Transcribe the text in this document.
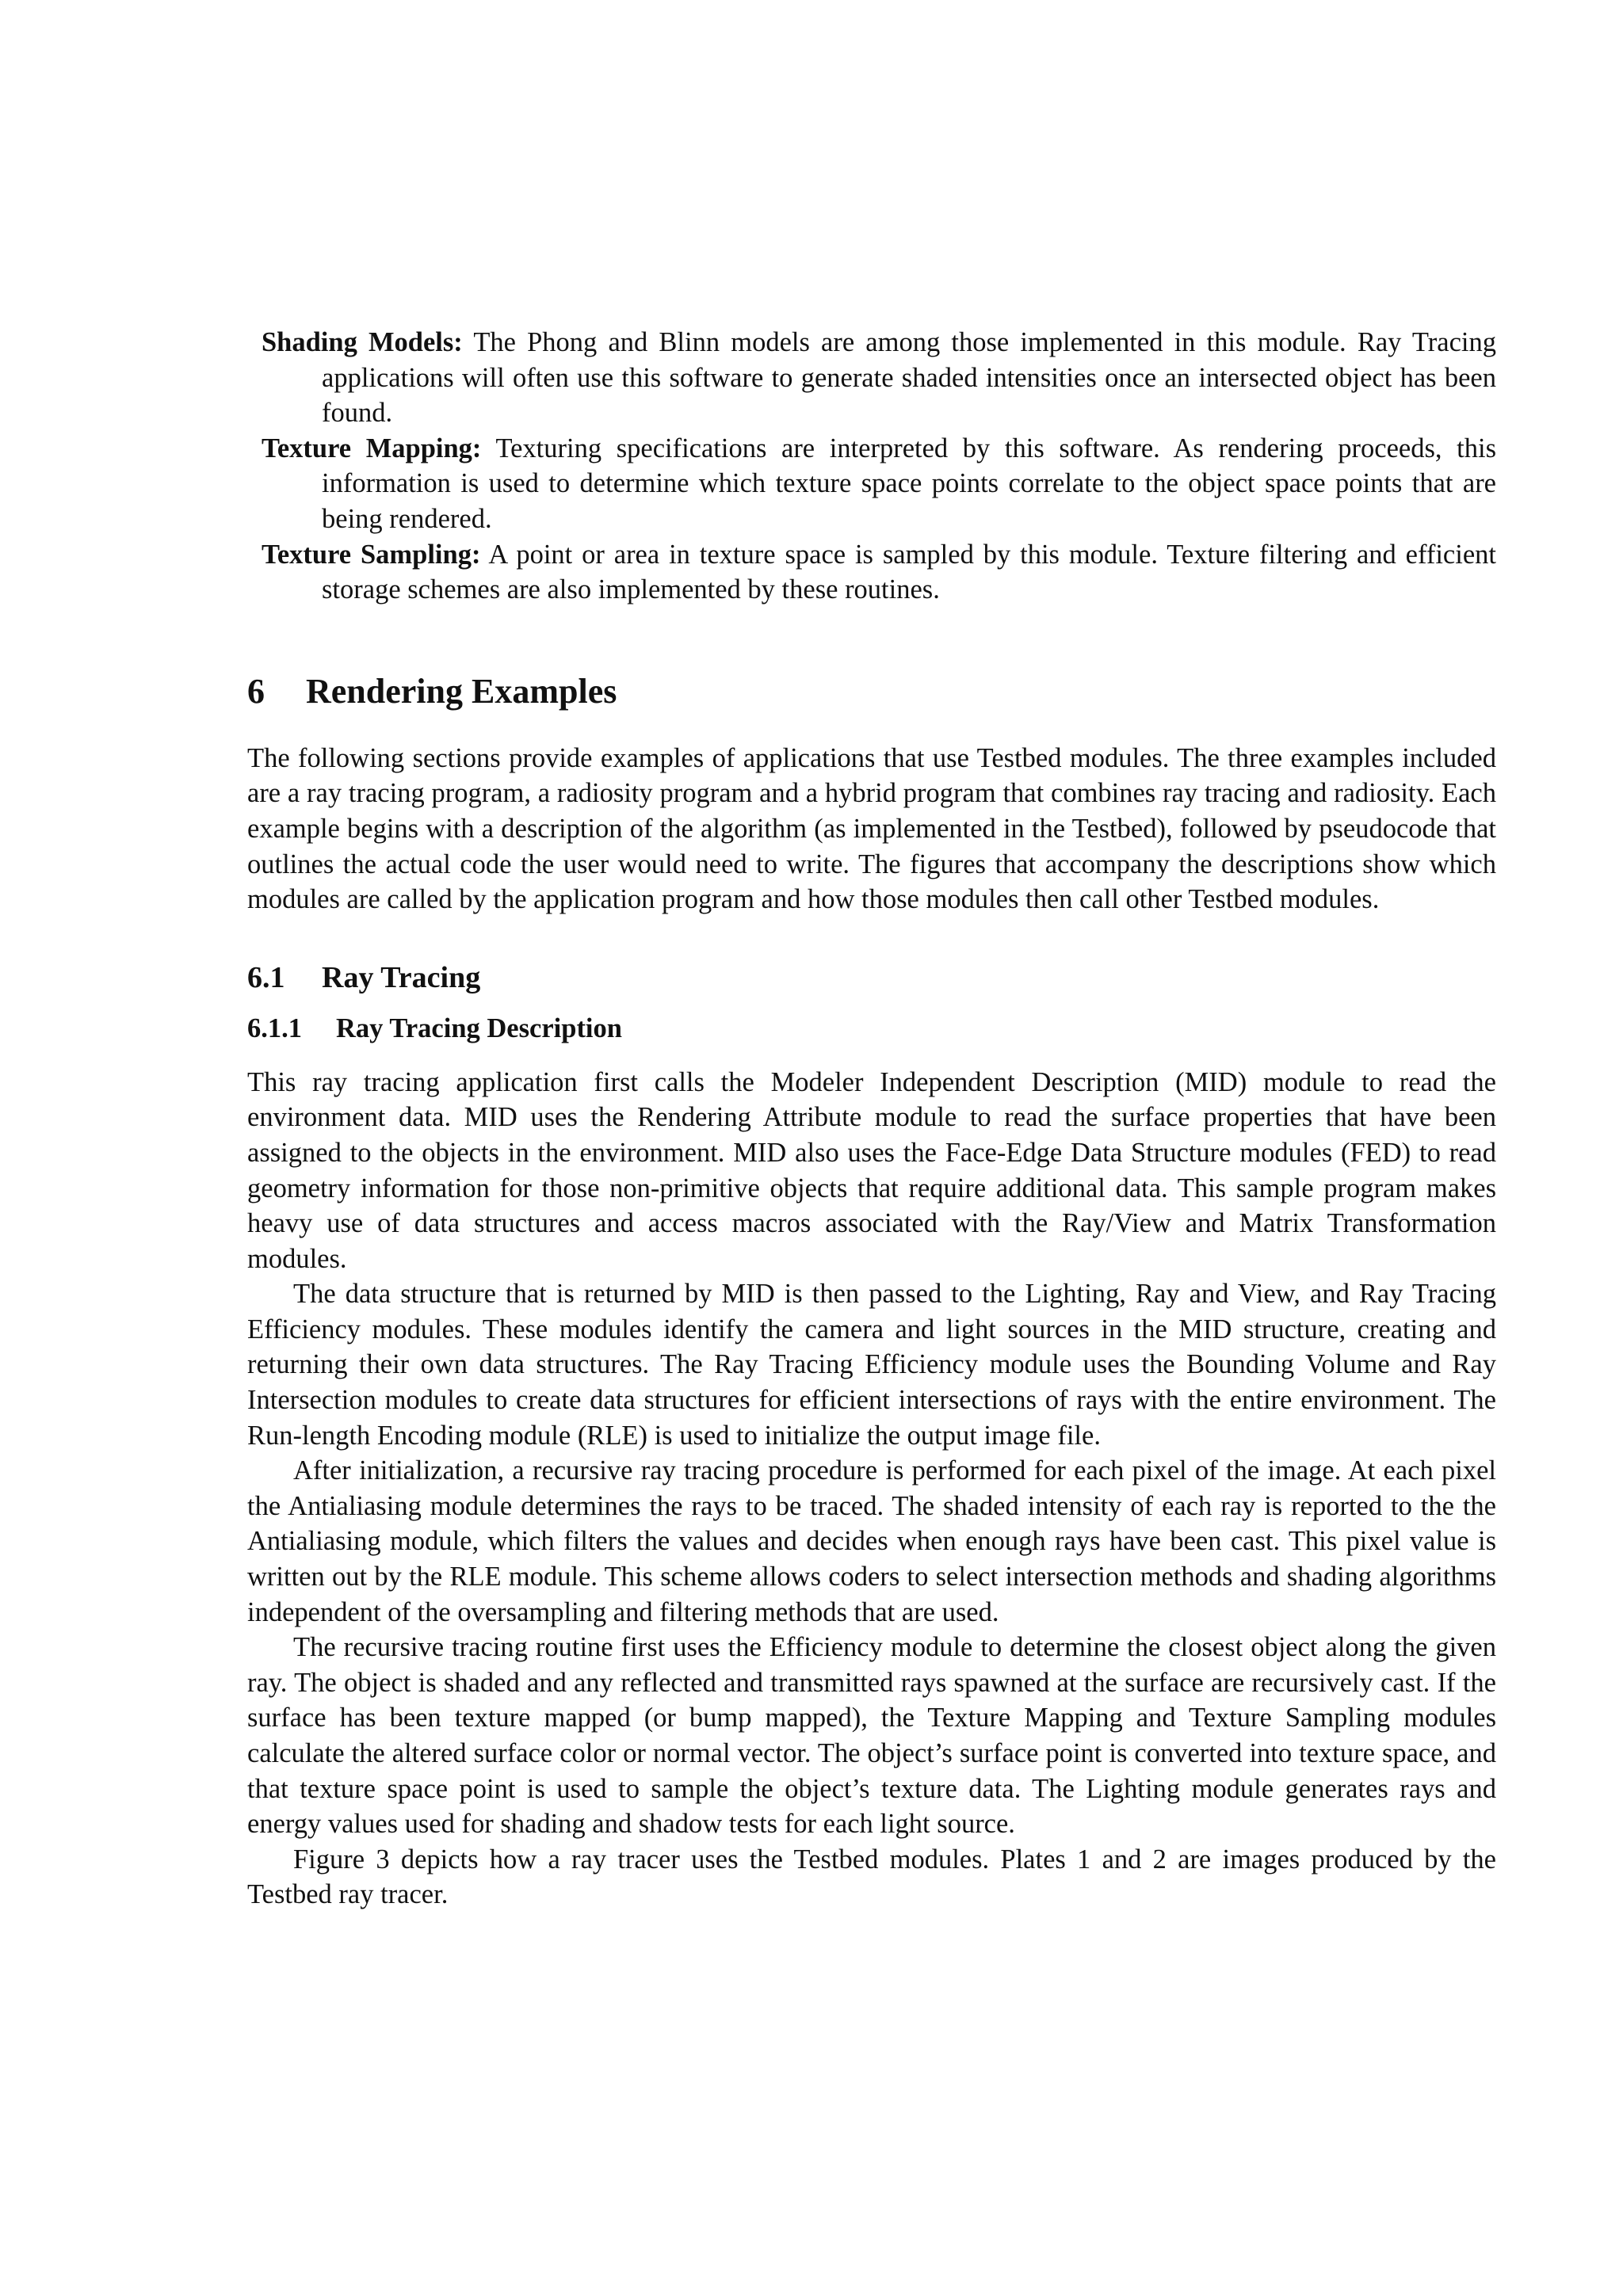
Shading Models: The Phong and Blinn models are among those implemented in this module. Ray Tracing applications will often use this software to generate shaded intensities once an intersected object has been found.

Texture Mapping: Texturing specifications are interpreted by this software. As rendering proceeds, this information is used to determine which texture space points correlate to the object space points that are being rendered.

Texture Sampling: A point or area in texture space is sampled by this module. Texture filtering and efficient storage schemes are also implemented by these routines.

6 Rendering Examples

The following sections provide examples of applications that use Testbed modules. The three examples included are a ray tracing program, a radiosity program and a hybrid program that combines ray tracing and radiosity. Each example begins with a description of the algorithm (as implemented in the Testbed), followed by pseudocode that outlines the actual code the user would need to write. The figures that accompany the descriptions show which modules are called by the application program and how those modules then call other Testbed modules.

6.1 Ray Tracing
6.1.1 Ray Tracing Description

This ray tracing application first calls the Modeler Independent Description (MID) module to read the environment data. MID uses the Rendering Attribute module to read the surface properties that have been assigned to the objects in the environment. MID also uses the Face-Edge Data Structure modules (FED) to read geometry information for those non-primitive objects that require additional data. This sample program makes heavy use of data structures and access macros associated with the Ray/View and Matrix Transformation modules.

The data structure that is returned by MID is then passed to the Lighting, Ray and View, and Ray Tracing Efficiency modules. These modules identify the camera and light sources in the MID structure, creating and returning their own data structures. The Ray Tracing Efficiency module uses the Bounding Volume and Ray Intersection modules to create data structures for efficient intersections of rays with the entire environment. The Run-length Encoding module (RLE) is used to initialize the output image file.

After initialization, a recursive ray tracing procedure is performed for each pixel of the image. At each pixel the Antialiasing module determines the rays to be traced. The shaded intensity of each ray is reported to the the Antialiasing module, which filters the values and decides when enough rays have been cast. This pixel value is written out by the RLE module. This scheme allows coders to select intersection methods and shading algorithms independent of the oversampling and filtering methods that are used.

The recursive tracing routine first uses the Efficiency module to determine the closest object along the given ray. The object is shaded and any reflected and transmitted rays spawned at the surface are recursively cast. If the surface has been texture mapped (or bump mapped), the Texture Mapping and Texture Sampling modules calculate the altered surface color or normal vector. The object’s surface point is converted into texture space, and that texture space point is used to sample the object’s texture data. The Lighting module generates rays and energy values used for shading and shadow tests for each light source.

Figure 3 depicts how a ray tracer uses the Testbed modules. Plates 1 and 2 are images produced by the Testbed ray tracer.
